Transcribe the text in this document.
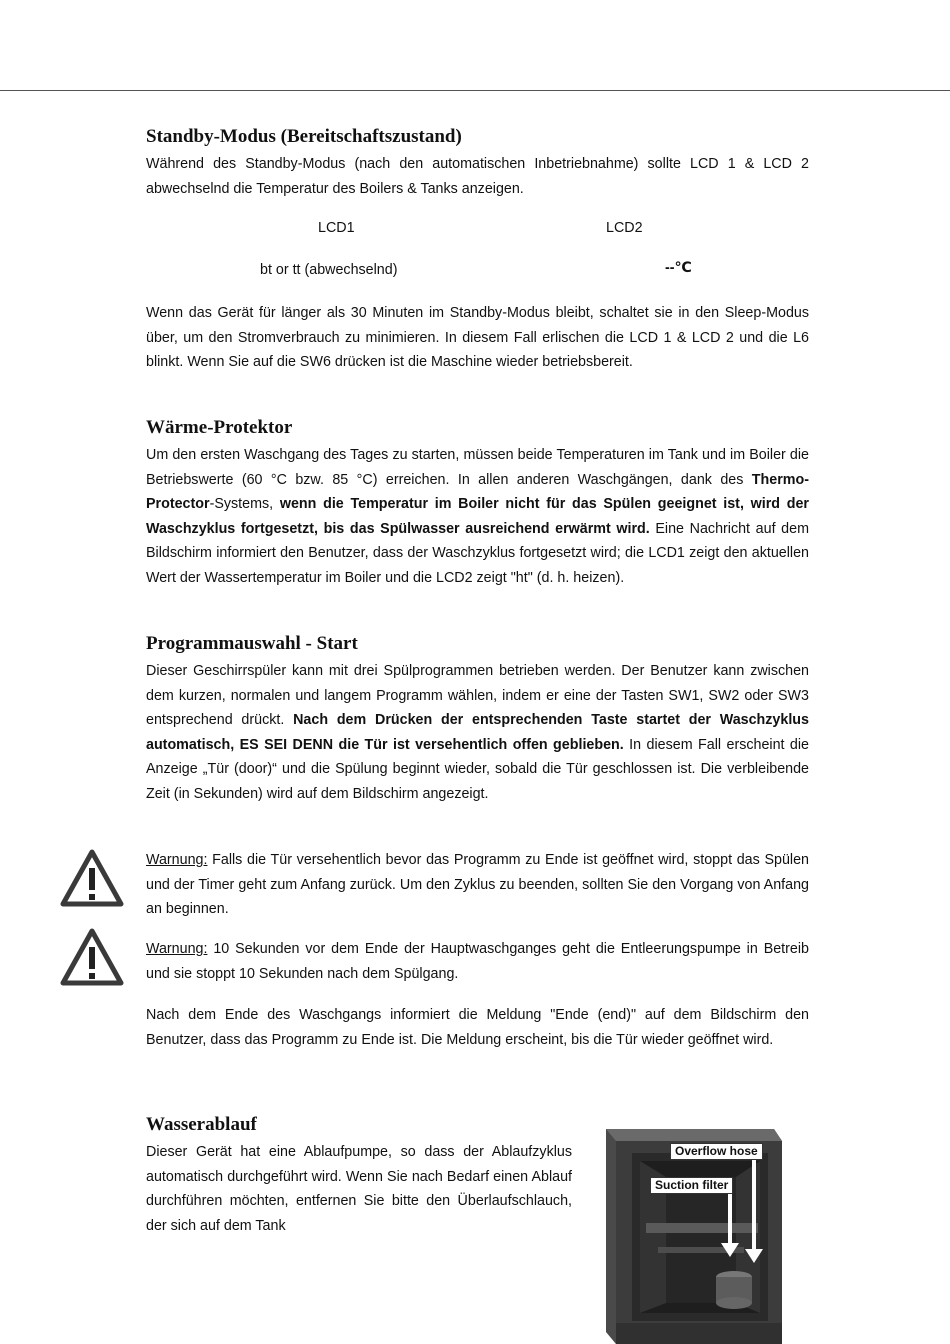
Standby-Modus (Bereitschaftszustand)

Während des Standby-Modus (nach den automatischen Inbetriebnahme) sollte LCD 1 & LCD 2 abwechselnd die Temperatur des Boilers & Tanks anzeigen.

LCD1	LCD2
bt or tt (abwechselnd)	--℃

Wenn das Gerät für länger als 30 Minuten im Standby-Modus bleibt, schaltet sie in den Sleep-Modus über, um den Stromverbrauch zu minimieren. In diesem Fall erlischen die LCD 1 & LCD 2 und die L6 blinkt. Wenn Sie auf die SW6 drücken ist die Maschine wieder betriebsbereit.

Wärme-Protektor

Um den ersten Waschgang des Tages zu starten, müssen beide Temperaturen im Tank und im Boiler die Betriebswerte (60 °C bzw. 85 °C) erreichen. In allen anderen Waschgängen, dank des Thermo-Protector-Systems, wenn die Temperatur im Boiler nicht für das Spülen geeignet ist, wird der Waschzyklus fortgesetzt, bis das Spülwasser ausreichend erwärmt wird. Eine Nachricht auf dem Bildschirm informiert den Benutzer, dass der Waschzyklus fortgesetzt wird; die LCD1 zeigt den aktuellen Wert der Wassertemperatur im Boiler und die LCD2 zeigt "ht" (d. h. heizen).

Programmauswahl - Start

Dieser Geschirrspüler kann mit drei Spülprogrammen betrieben werden. Der Benutzer kann zwischen dem kurzen, normalen und langem Programm wählen, indem er eine der Tasten SW1, SW2 oder SW3 entsprechend drückt. Nach dem Drücken der entsprechenden Taste startet der Waschzyklus automatisch, ES SEI DENN die Tür ist versehentlich offen geblieben. In diesem Fall erscheint die Anzeige „Tür (door)“ und die Spülung beginnt wieder, sobald die Tür geschlossen ist. Die verbleibende Zeit (in Sekunden) wird auf dem Bildschirm angezeigt.

Warnung: Falls die Tür versehentlich bevor das Programm zu Ende ist geöffnet wird, stoppt das Spülen und der Timer geht zum Anfang zurück. Um den Zyklus zu beenden, sollten Sie den Vorgang von Anfang an beginnen.

Warnung: 10 Sekunden vor dem Ende der Hauptwaschganges geht die Entleerungspumpe in Betreib und sie stoppt 10 Sekunden nach dem Spülgang.

Nach dem Ende des Waschgangs informiert die Meldung "Ende (end)" auf dem Bildschirm den Benutzer, dass das Programm zu Ende ist. Die Meldung erscheint, bis die Tür wieder geöffnet wird.

Wasserablauf

Dieser Gerät hat eine Ablaufpumpe, so dass der Ablaufzyklus automatisch durchgeführt wird. Wenn Sie nach Bedarf einen Ablauf durchführen möchten, entfernen Sie bitte den Überlaufschlauch, der sich auf dem Tank

Overflow hose
Suction filter
